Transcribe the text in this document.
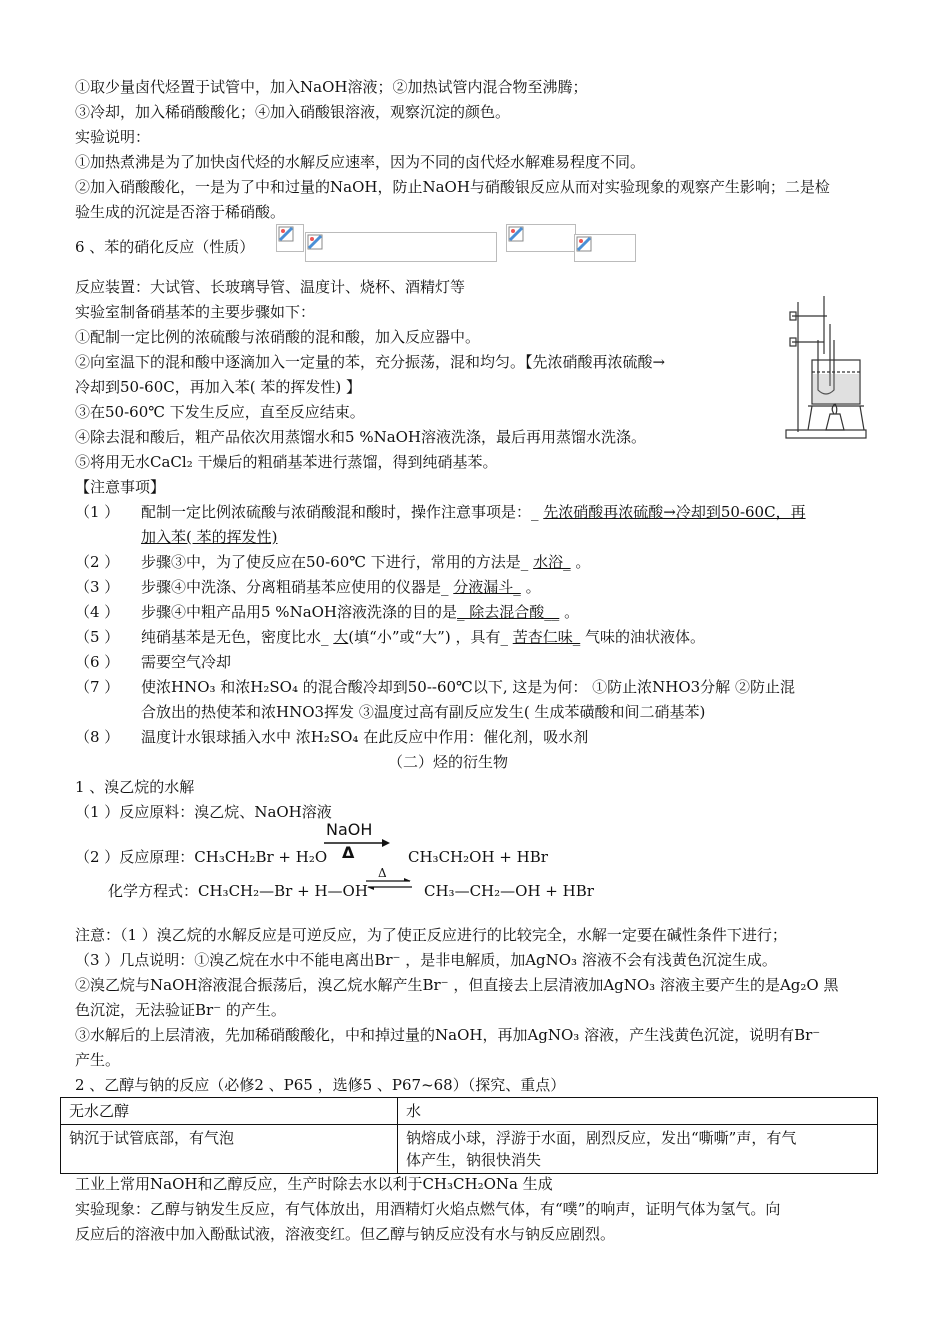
①取少量卤代烃置于试管中，加入NaOH溶液；②加热试管内混合物至沸腾；
③冷却，加入稀硝酸酸化；④加入硝酸银溶液，观察沉淀的颜色。
实验说明：
①加热煮沸是为了加快卤代烃的水解反应速率，因为不同的卤代烃水解难易程度不同。
②加入硝酸酸化，一是为了中和过量的NaOH，防止NaOH与硝酸银反应从而对实验现象的观察产生影响；二是检
验生成的沉淀是否溶于稀硝酸。
6 、苯的硝化反应（性质）
反应装置：大试管、长玻璃导管、温度计、烧杯、酒精灯等
实验室制备硝基苯的主要步骤如下：
①配制一定比例的浓硫酸与浓硝酸的混和酸，加入反应器中。
②向室温下的混和酸中逐滴加入一定量的苯，充分振荡，混和均匀。【先浓硝酸再浓硫酸→
冷却到50-60C，再加入苯( 苯的挥发性) 】
③在50-60℃ 下发生反应，直至反应结束。
④除去混和酸后，粗产品依次用蒸馏水和5 %NaOH溶液洗涤，最后再用蒸馏水洗涤。
⑤将用无水CaCl₂ 干燥后的粗硝基苯进行蒸馏，得到纯硝基苯。
【注意事项】
（1 ） 配制一定比例浓硫酸与浓硝酸混和酸时，操作注意事项是：_ 先浓硝酸再浓硫酸→冷却到50-60C，再
加入苯( 苯的挥发性)
（2 ） 步骤③中，为了使反应在50-60℃ 下进行，常用的方法是_ 水浴_ 。
（3 ） 步骤④中洗涤、分离粗硝基苯应使用的仪器是_ 分液漏斗_ 。
（4 ） 步骤④中粗产品用5 %NaOH溶液洗涤的目的是_ 除去混合酸__ 。
（5 ） 纯硝基苯是无色，密度比水_ 大(填“小”或“大”) ，具有_ 苦杏仁味_ 气味的油状液体。
（6 ） 需要空气冷却
（7 ） 使浓HNO₃ 和浓H₂SO₄ 的混合酸冷却到50--60℃以下, 这是为何： ①防止浓NHO3分解 ②防止混
合放出的热使苯和浓HNO3挥发 ③温度过高有副反应发生( 生成苯磺酸和间二硝基苯)
（8 ） 温度计水银球插入水中 浓H₂SO₄ 在此反应中作用：催化剂，吸水剂
（二）烃的衍生物
1 、溴乙烷的水解
（1 ）反应原料：溴乙烷、NaOH溶液
（2 ）反应原理：CH₃CH₂Br + H₂O
NaOH
Δ	CH₃CH₂OH + HBr
化学方程式：CH₃CH₂—Br + H—OH
Δ
⇌ CH₃—CH₂—OH + HBr
注意：（1 ）溴乙烷的水解反应是可逆反应，为了使正反应进行的比较完全，水解一定要在碱性条件下进行；
（3 ）几点说明：①溴乙烷在水中不能电离出Br⁻ ，是非电解质，加AgNO₃ 溶液不会有浅黄色沉淀生成。
②溴乙烷与NaOH溶液混合振荡后，溴乙烷水解产生Br⁻ ，但直接去上层清液加AgNO₃ 溶液主要产生的是Ag₂O 黑
色沉淀，无法验证Br⁻ 的产生。
③水解后的上层清液，先加稀硝酸酸化，中和掉过量的NaOH，再加AgNO₃ 溶液，产生浅黄色沉淀，说明有Br⁻
产生。
2 、乙醇与钠的反应（必修2 、P65 ，选修5 、P67~68）（探究、重点）
无水乙醇	水
钠沉于试管底部，有气泡	钠熔成小球，浮游于水面，剧烈反应，发出“嘶嘶”声，有气
体产生，钠很快消失
工业上常用NaOH和乙醇反应，生产时除去水以利于CH₃CH₂ONa 生成
实验现象：乙醇与钠发生反应，有气体放出，用酒精灯火焰点燃气体，有“噗”的响声，证明气体为氢气。向
反应后的溶液中加入酚酞试液，溶液变红。但乙醇与钠反应没有水与钠反应剧烈。
